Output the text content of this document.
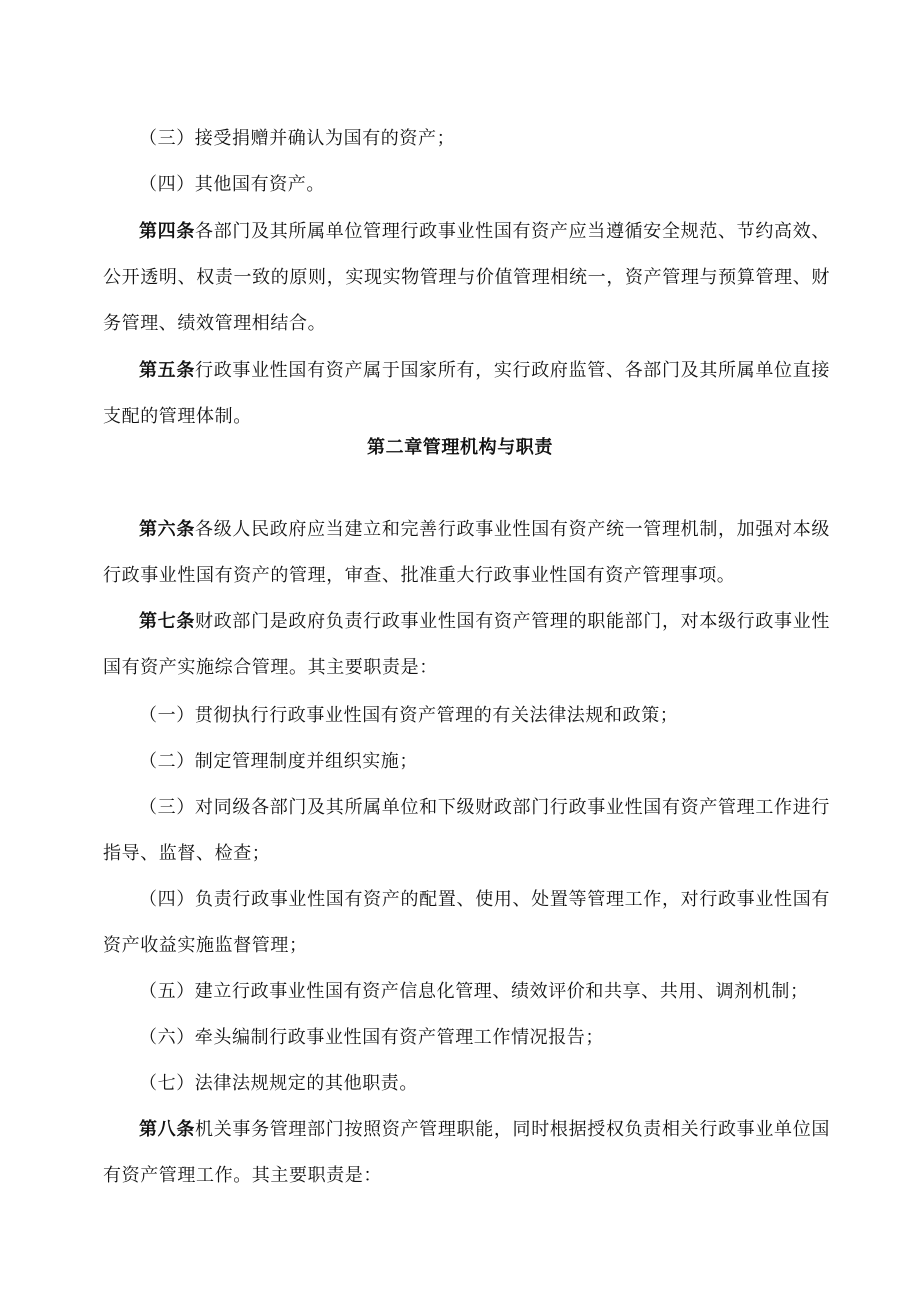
（三）接受捐赠并确认为国有的资产；

（四）其他国有资产。

第四条各部门及其所属单位管理行政事业性国有资产应当遵循安全规范、节约高效、公开透明、权责一致的原则，实现实物管理与价值管理相统一，资产管理与预算管理、财务管理、绩效管理相结合。

第五条行政事业性国有资产属于国家所有，实行政府监管、各部门及其所属单位直接支配的管理体制。

第二章管理机构与职责

第六条各级人民政府应当建立和完善行政事业性国有资产统一管理机制，加强对本级行政事业性国有资产的管理，审查、批准重大行政事业性国有资产管理事项。

第七条财政部门是政府负责行政事业性国有资产管理的职能部门，对本级行政事业性国有资产实施综合管理。其主要职责是：

（一）贯彻执行行政事业性国有资产管理的有关法律法规和政策；

（二）制定管理制度并组织实施；

（三）对同级各部门及其所属单位和下级财政部门行政事业性国有资产管理工作进行指导、监督、检查；

（四）负责行政事业性国有资产的配置、使用、处置等管理工作，对行政事业性国有资产收益实施监督管理；

（五）建立行政事业性国有资产信息化管理、绩效评价和共享、共用、调剂机制；

（六）牵头编制行政事业性国有资产管理工作情况报告；

（七）法律法规规定的其他职责。

第八条机关事务管理部门按照资产管理职能，同时根据授权负责相关行政事业单位国有资产管理工作。其主要职责是：
